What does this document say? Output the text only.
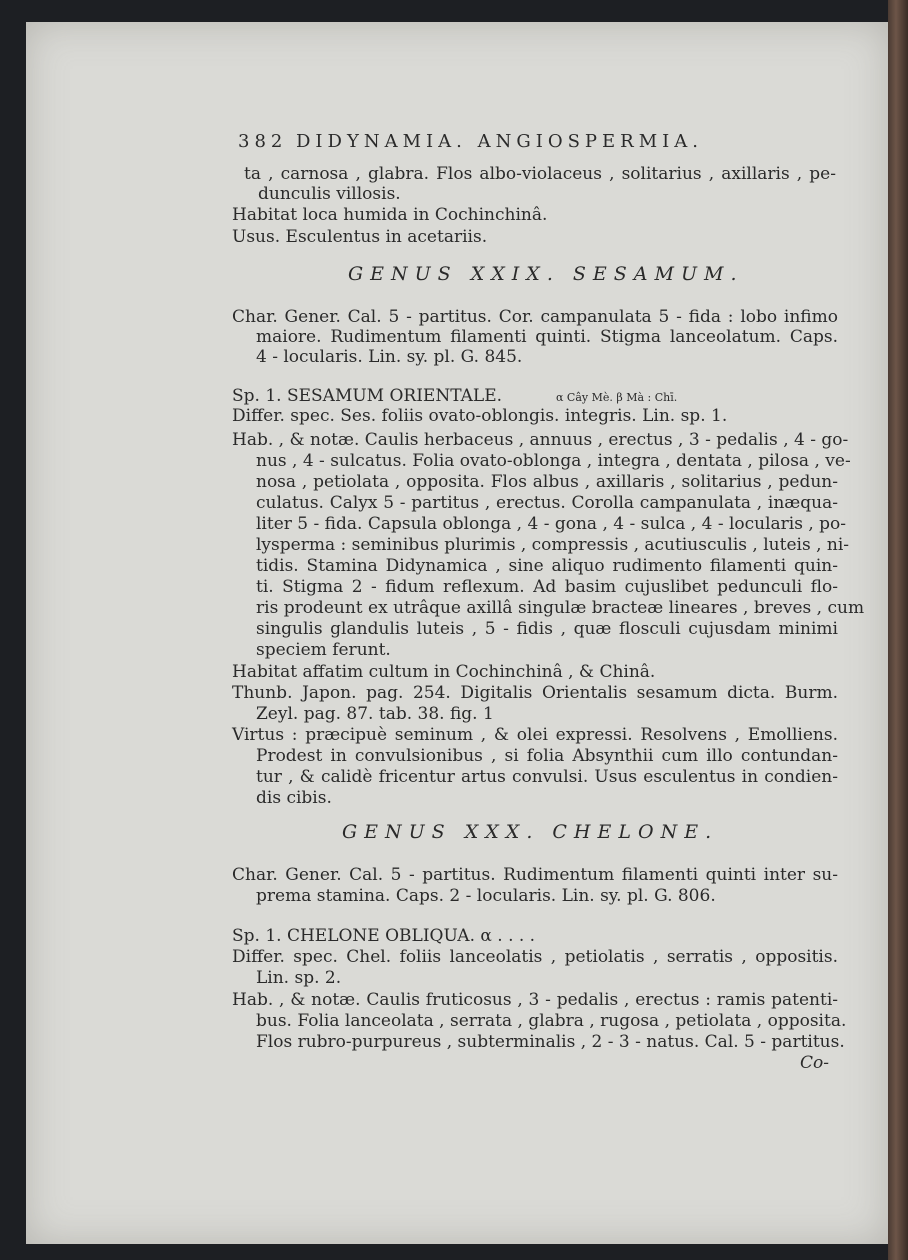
382 DIDYNAMIA. ANGIOSPERMIA.
ta , carnosa , glabra. Flos albo-violaceus , solitarius , axillaris , pe-
dunculis villosis.
Habitat loca humida in Cochinchinâ.
Usus. Esculentus in acetariis.
GENUS XXIX. SESAMUM.
Char. Gener. Cal. 5 - partitus. Cor. campanulata 5 - fida : lobo infimo
maiore. Rudimentum filamenti quinti. Stigma lanceolatum. Caps.
4 - locularis. Lin. sy. pl. G. 845.
Sp. 1. SESAMUM ORIENTALE.	α Cây Mè. β Mà : Chī.
Differ. spec. Ses. foliis ovato-oblongis. integris. Lin. sp. 1.
Hab. , & notæ. Caulis herbaceus , annuus , erectus , 3 - pedalis , 4 - go-
nus , 4 - sulcatus. Folia ovato-oblonga , integra , dentata , pilosa , ve-
nosa , petiolata , opposita. Flos albus , axillaris , solitarius , pedun-
culatus. Calyx 5 - partitus , erectus. Corolla campanulata , inæqua-
liter 5 - fida. Capsula oblonga , 4 - gona , 4 - sulca , 4 - locularis , po-
lysperma : seminibus plurimis , compressis , acutiusculis , luteis , ni-
tidis. Stamina Didynamica , sine aliquo rudimento filamenti quin-
ti. Stigma 2 - fidum reflexum. Ad basim cujuslibet pedunculi flo-
ris prodeunt ex utrâque axillâ singulæ bracteæ lineares , breves , cum
singulis glandulis luteis , 5 - fidis , quæ flosculi cujusdam minimi
speciem ferunt.
Habitat affatim cultum in Cochinchinâ , & Chinâ.
Thunb. Japon. pag. 254. Digitalis Orientalis sesamum dicta. Burm.
Zeyl. pag. 87. tab. 38. fig. 1
Virtus : præcipuè seminum , & olei expressi. Resolvens , Emolliens.
Prodest in convulsionibus , si folia Absynthii cum illo contundan-
tur , & calidè fricentur artus convulsi. Usus esculentus in condien-
dis cibis.
GENUS XXX. CHELONE.
Char. Gener. Cal. 5 - partitus. Rudimentum filamenti quinti inter su-
prema stamina. Caps. 2 - locularis. Lin. sy. pl. G. 806.
Sp. 1. CHELONE OBLIQUA. α . . . .
Differ. spec. Chel. foliis lanceolatis , petiolatis , serratis , oppositis.
Lin. sp. 2.
Hab. , & notæ. Caulis fruticosus , 3 - pedalis , erectus : ramis patenti-
bus. Folia lanceolata , serrata , glabra , rugosa , petiolata , opposita.
Flos rubro-purpureus , subterminalis , 2 - 3 - natus. Cal. 5 - partitus.
Co-
